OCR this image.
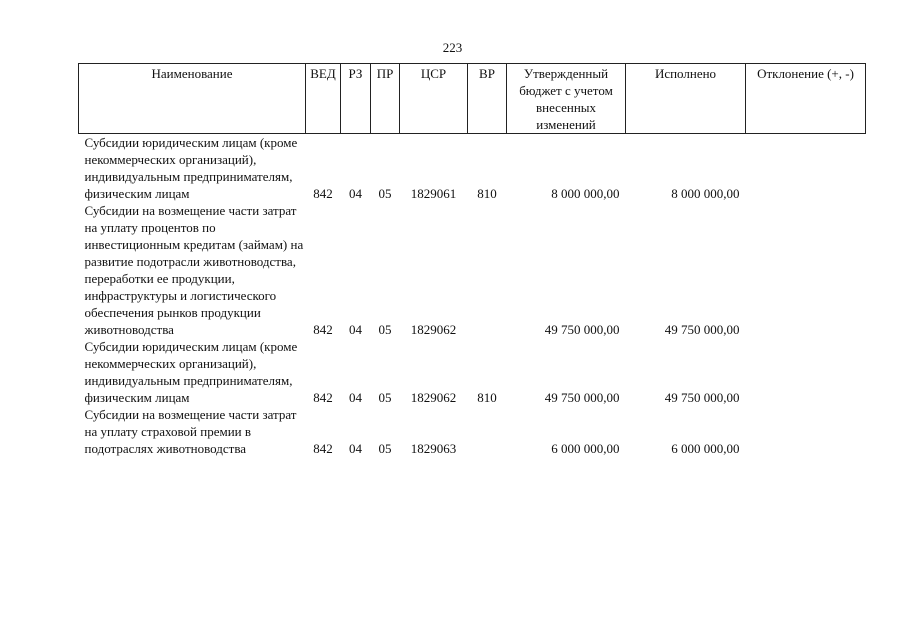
223
Наименование	ВЕД	РЗ	ПР	ЦСР	ВР	Утвержденный бюджет с учетом внесенных изменений	Исполнено	Отклонение (+, -)
Субсидии юридическим лицам (кроме некоммерческих организаций), индивидуальным предпринимателям, физическим лицам	842	04	05	1829061	810	8 000 000,00	8 000 000,00	
Субсидии на возмещение части затрат на уплату процентов по инвестиционным кредитам (займам) на развитие подотрасли животноводства, переработки ее продукции, инфраструктуры и логистического обеспечения рынков продукции животноводства	842	04	05	1829062		49 750 000,00	49 750 000,00	
Субсидии юридическим лицам (кроме некоммерческих организаций), индивидуальным предпринимателям, физическим лицам	842	04	05	1829062	810	49 750 000,00	49 750 000,00	
Субсидии на возмещение части затрат на уплату страховой премии в подотраслях животноводства	842	04	05	1829063		6 000 000,00	6 000 000,00	
